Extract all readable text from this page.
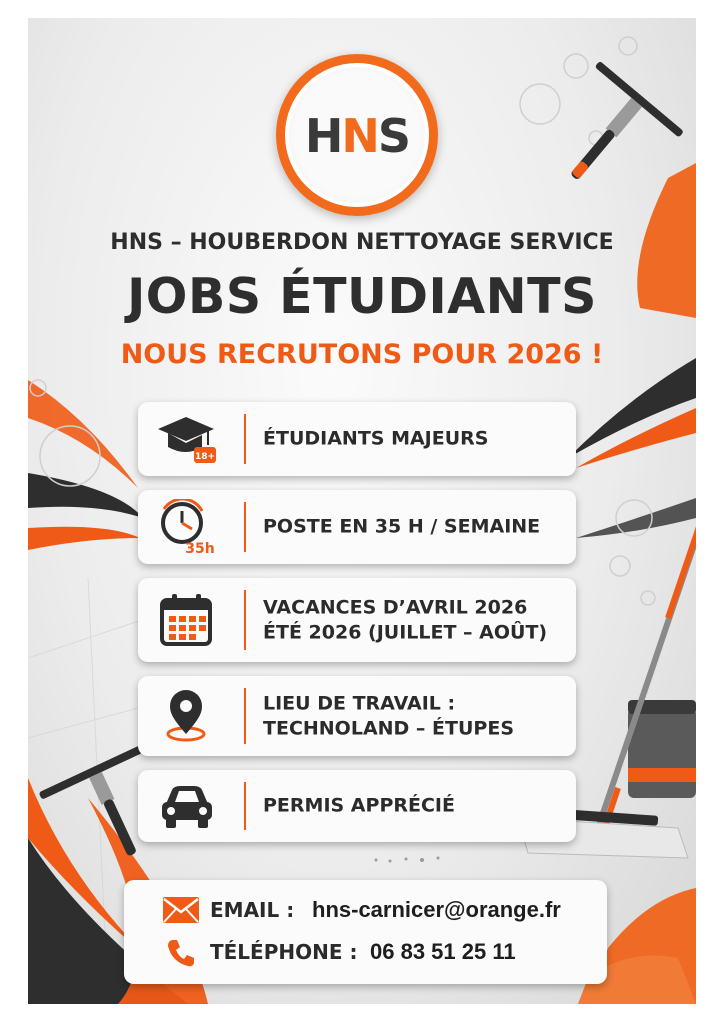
HNS
HNS – HOUBERDON NETTOYAGE SERVICE
JOBS ÉTUDIANTS
NOUS RECRUTONS POUR 2026 !
18+
ÉTUDIANTS MAJEURS
35h
POSTE EN 35 H / SEMAINE
VACANCES D’AVRIL 2026
ÉTÉ 2026 (JUILLET – AOÛT)
LIEU DE TRAVAIL :
TECHNOLAND – ÉTUPES
PERMIS APPRÉCIÉ
EMAIL : hns-carnicer@orange.fr
TÉLÉPHONE : 06 83 51 25 11
